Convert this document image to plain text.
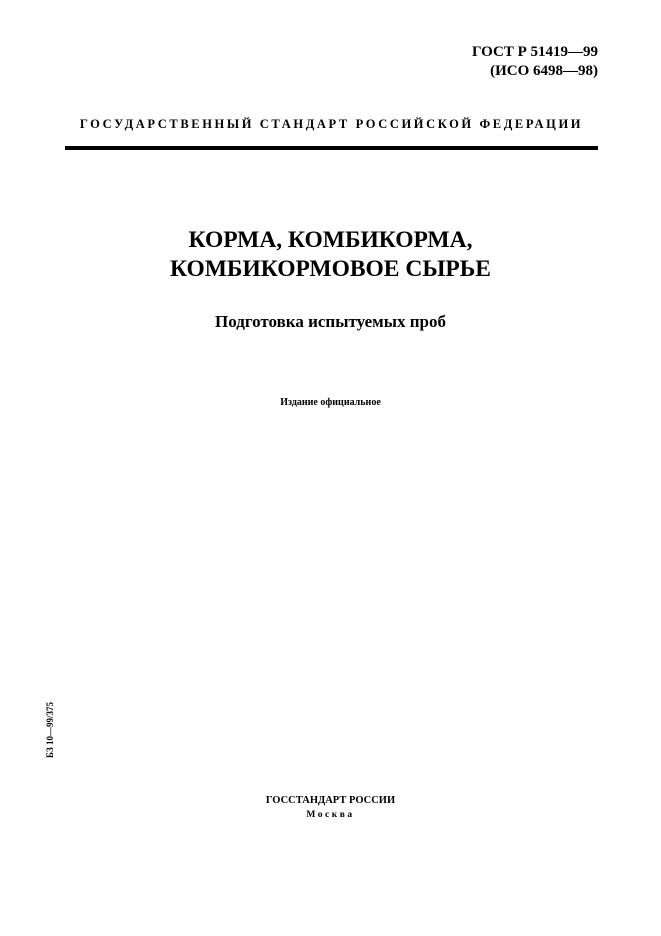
ГОСТ Р 51419—99
(ИСО 6498—98)
ГОСУДАРСТВЕННЫЙ СТАНДАРТ РОССИЙСКОЙ ФЕДЕРАЦИИ
КОРМА, КОМБИКОРМА,
КОМБИКОРМОВОЕ СЫРЬЕ
Подготовка испытуемых проб
Издание официальное
БЗ 10—99/375
ГОССТАНДАРТ РОССИИ
Москва
